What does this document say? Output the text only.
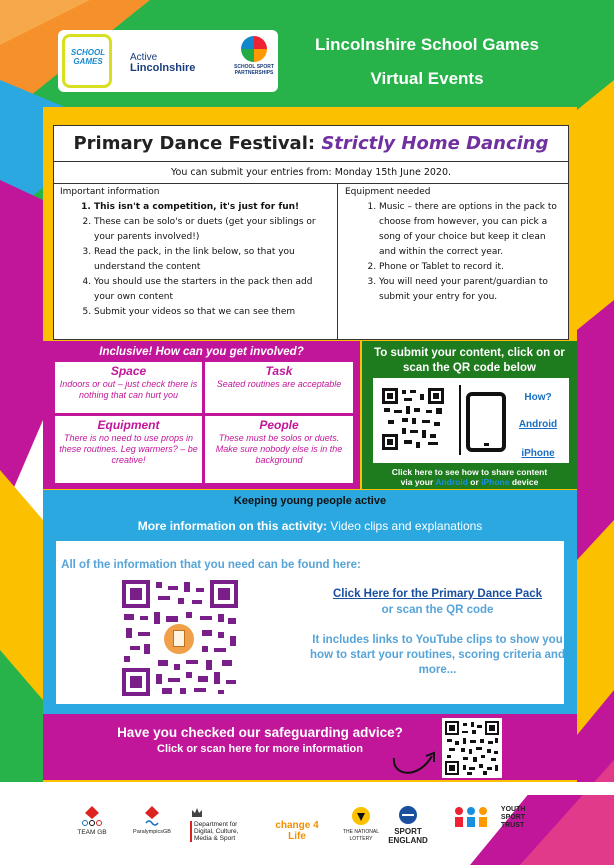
SCHOOL GAMES	Active
Lincolnshire	SCHOOL SPORT PARTNERSHIPS
Lincolnshire School Games
Virtual Events
Primary Dance Festival: Strictly Home Dancing
You can submit your entries from: Monday 15th June 2020.
Important information
1. This isn't a competition, it's just for fun!
2. These can be solo's or duets (get your siblings or your parents involved!)
3. Read the pack, in the link below, so that you understand the content
4. You should use the starters in the pack then add your own content
5. Submit your videos so that we can see them
Equipment needed
1. Music – there are options in the pack to choose from however, you can pick a song of your choice but keep it clean and within the correct year.
2. Phone or Tablet to record it.
3. You will need your parent/guardian to submit your entry for you.
Inclusive! How can you get involved?
Space
Indoors or out – just check there is nothing that can hurt you
Task
Seated routines are acceptable
Equipment
There is no need to use props in these routines. Leg warmers? – be creative!
People
These must be solos or duets. Make sure nobody else is in the background
To submit your content, click on or scan the QR code below
How?
Android
iPhone
Click here to see how to share content
via your Android or iPhone device
Keeping young people active
More information on this activity: Video clips and explanations
All of the information that you need can be found here:
Click Here for the Primary Dance Pack
or scan the QR code
It includes links to YouTube clips to show you how to start your routines, scoring criteria and more...
Have you checked our safeguarding advice?
Click or scan here for more information
TEAM GB	ParalympicsGB
Department for Digital, Culture, Media & Sport
change 4 Life	THE NATIONAL LOTTERY
SPORT ENGLAND
YOUTH SPORT TRUST
